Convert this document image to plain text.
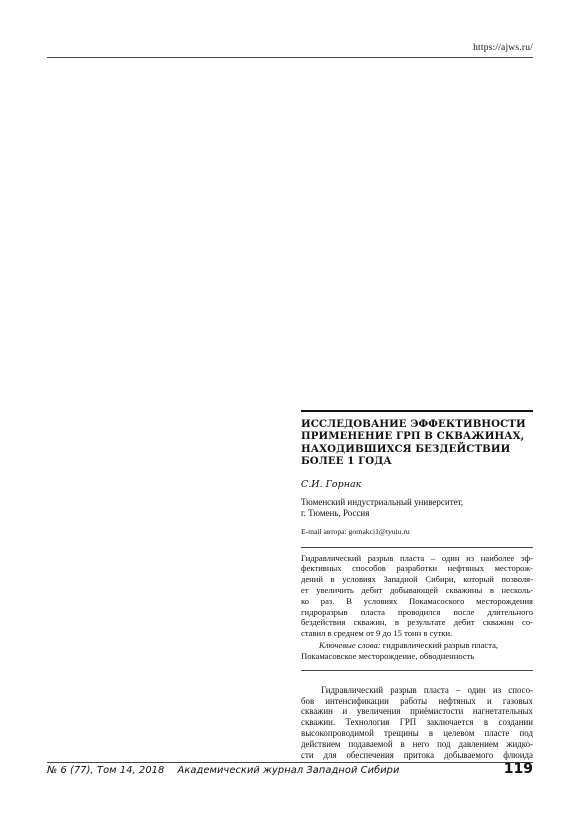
https://ajws.ru/
ИССЛЕДОВАНИЕ ЭФФЕКТИВНОСТИ
ПРИМЕНЕНИЕ ГРП В СКВАЖИНАХ,
НАХОДИВШИХСЯ БЕЗДЕЙСТВИИ
БОЛЕЕ 1 ГОДА
С.И. Горнак
Тюменский индустриальный университет,
г. Тюмень, Россия
E-mail автора: gornakci1@tyuiu.ru
Гидравлический разрыв пласта – один из наиболее эф-
фективных способов разработки нефтяных месторож-
дений в условиях Западной Сибири, который позволя-
ет увеличить дебит добывающей скважины в несколь-
ко раз. В условиях Покамасоского месторождения
гидроразрыв пласта проводился после длительного
бездействия скважин, в результате дебит скважин со-
ставил в среднем от 9 до 15 тонн в сутки.
Ключевые слова: гидравлический разрыв пласта,
Покамасовское месторождение, обводненность
Гидравлический разрыв пласта – один из спосо-
бов интенсификации работы нефтяных и газовых
скважин и увеличения приёмистости нагнетательных
скважин. Технология ГРП заключается в создании
высокопроводимой трещины в целевом пласте под
действием подаваемой в него под давлением жидко-
сти для обеспечения притока добываемого флюида
№ 6 (77), Том 14, 2018 Академический журнал Западной Сибири	119
